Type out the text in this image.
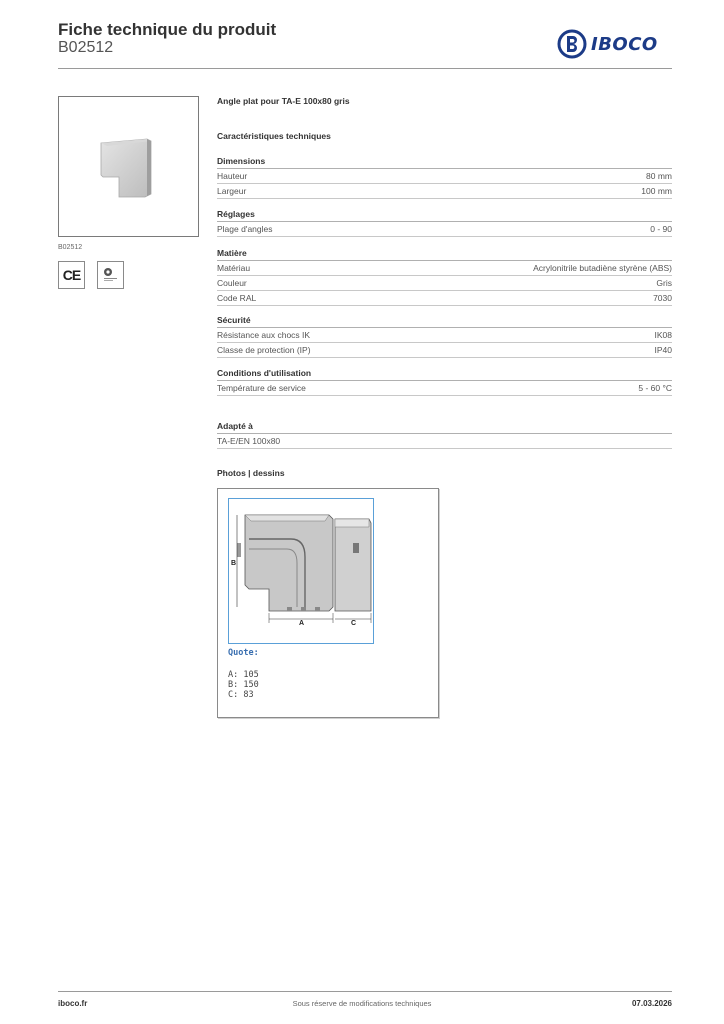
Fiche technique du produit
B02512	IBOCO
B02512
CE
Angle plat pour TA-E 100x80 gris
Caractéristiques techniques
Dimensions
Hauteur	80 mm
Largeur	100 mm
Réglages
Plage d'angles	0 - 90
Matière
Matériau	Acrylonitrile butadiène styrène (ABS)
Couleur	Gris
Code RAL	7030
Sécurité
Résistance aux chocs IK	IK08
Classe de protection (IP)	IP40
Conditions d'utilisation
Température de service	5 - 60 °C
Adapté à
TA-E/EN 100x80
Photos | dessins
A	C
B
Quote:
A: 105
B: 150
C: 83
iboco.fr	Sous réserve de modifications techniques	07.03.2026
